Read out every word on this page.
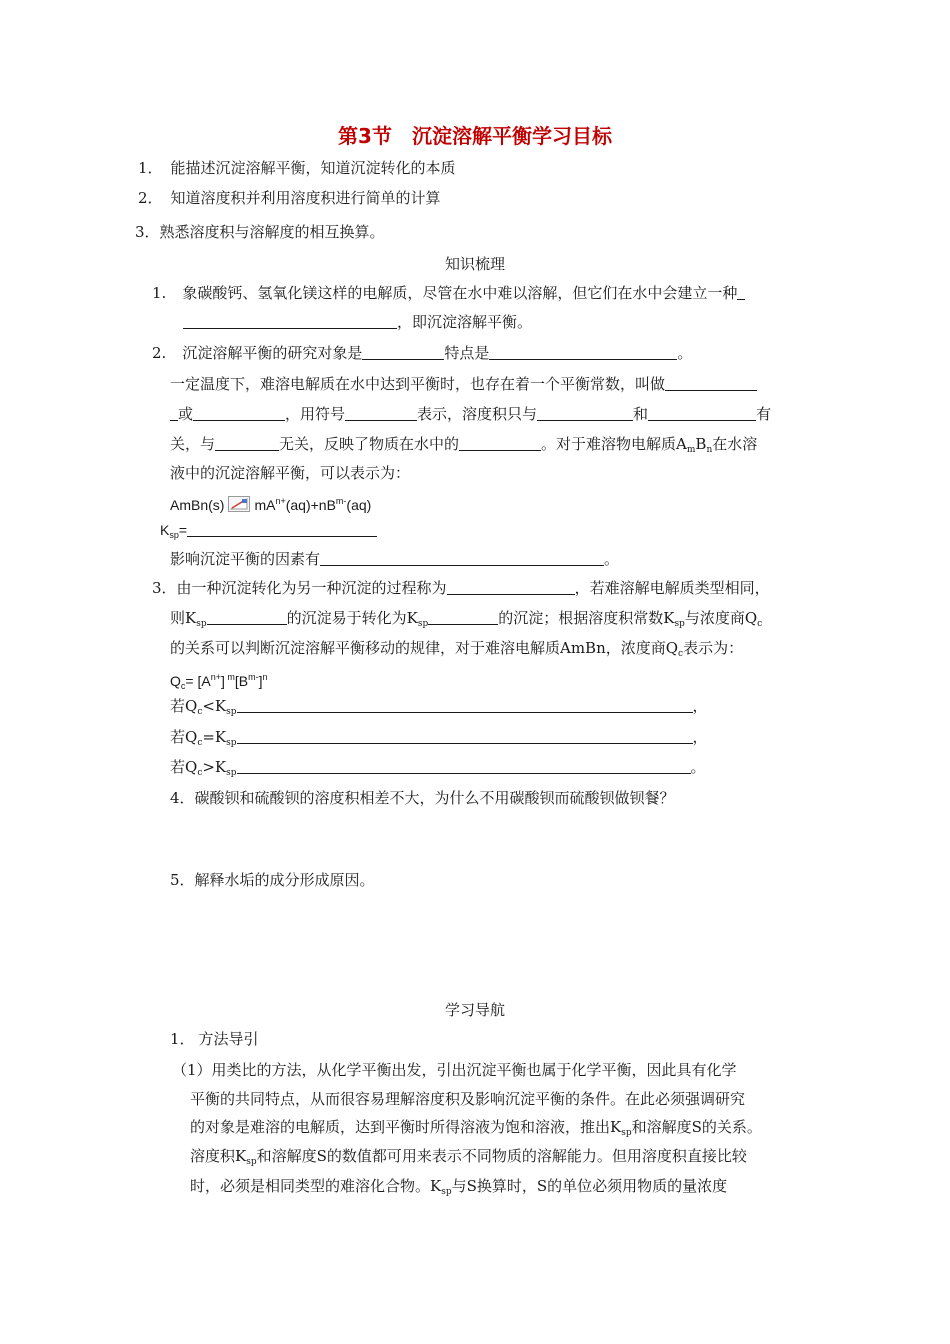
第3节　沉淀溶解平衡学习目标
1． 能描述沉淀溶解平衡，知道沉淀转化的本质
2． 知道溶度积并利用溶度积进行简单的计算
3．熟悉溶度积与溶解度的相互换算。
知识梳理
1. 象碳酸钙、氢氧化镁这样的电解质，尽管在水中难以溶解，但它们在水中会建立一种
，即沉淀溶解平衡。
2. 沉淀溶解平衡的研究对象是	特点是	。
一定温度下，难溶电解质在水中达到平衡时，也存在着一个平衡常数，叫做
或	，用符号	表示，溶度积只与	和	有
关，与	无关，反映了物质在水中的	。对于难溶物电解质$A_mB_n$在水溶
液中的沉淀溶解平衡，可以表示为：
AmBn(s) $mA^{n+}(aq)+nB^{m-}(aq)$
$K_{sp}=$
影响沉淀平衡的因素有	。
3．由一种沉淀转化为另一种沉淀的过程称为	，若难溶解电解质类型相同，
则$K_{sp}$	的沉淀易于转化为$K_{sp}$	的沉淀；根据溶度积常数$K_{sp}$与浓度商$Q_c$
的关系可以判断沉淀溶解平衡移动的规律，对于难溶电解质AmBn，浓度商$Q_c$表示为：
$Q_c= [A^{n+}]$ $^m[B^{m-}]^n$
若$Q_c<K_{sp}$	，
若$Q_c=K_{sp}$	，
若$Q_c>K_{sp}$	。
4．碳酸钡和硫酸钡的溶度积相差不大，为什么不用碳酸钡而硫酸钡做钡餐？
5．解释水垢的成分形成原因。
学习导航
1． 方法导引
（1）用类比的方法，从化学平衡出发，引出沉淀平衡也属于化学平衡，因此具有化学
平衡的共同特点，从而很容易理解溶度积及影响沉淀平衡的条件。在此必须强调研究
的对象是难溶的电解质，达到平衡时所得溶液为饱和溶液，推出$K_{sp}$和溶解度S的关系。
溶度积$K_{sp}$和溶解度S的数值都可用来表示不同物质的溶解能力。但用溶度积直接比较
时，必须是相同类型的难溶化合物。$K_{sp}$与S换算时，S的单位必须用物质的量浓度
